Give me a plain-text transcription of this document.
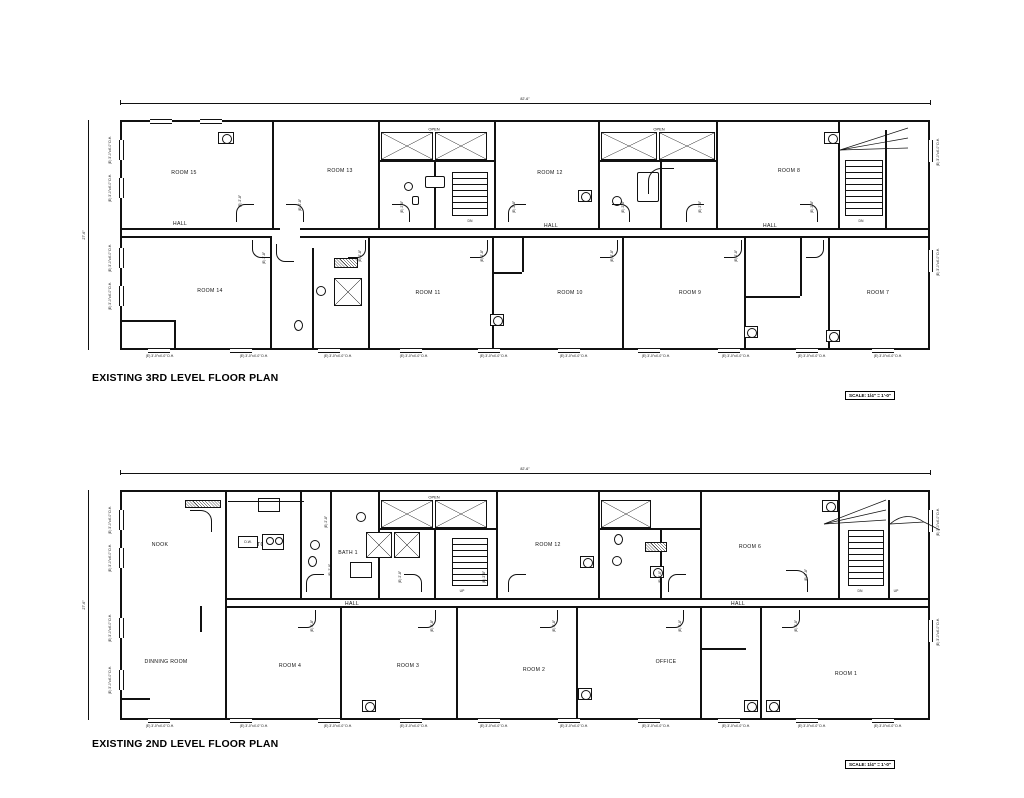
82'-6"
27'-6"
(E) 3'-0"x4'-0" D.H.
(E) 3'-0"x4'-0" D.H.
(E) 3'-0"x4'-0" D.H.
(E) 3'-0"x4'-0" D.H.
(E) 3'-0"x4'-0" D.H.
(E) 3'-0"x4'-0" D.H.
ROOM 15	ROOM 13	ROOM 12	ROOM 8
HALL	HALL	HALL
OPEN	OPEN
DN	DN
ROOM 14	ROOM 11	ROOM 10	ROOM 9	ROOM 7
(E) 2'-8"	(E) 2'-8"	(E) 2'-8"	(E) 2'-8"	(E) 2'-8"	(E) 2'-8"	(E) 2'-8"
(E) 2'-8"	(E) 2'-8"	(E) 2'-8"	(E) 2'-8"	(E) 2'-8"
(E) 3'-0"x4'-0" D.H.	(E) 3'-0"x4'-0" D.H.	(E) 3'-0"x4'-0" D.H.	(E) 3'-0"x4'-0" D.H.	(E) 3'-0"x4'-0" D.H.	(E) 3'-0"x4'-0" D.H.	(E) 3'-0"x4'-0" D.H.	(E) 3'-0"x4'-0" D.H.	(E) 3'-0"x4'-0" D.H.	(E) 3'-0"x4'-0" D.H.
EXISTING 3RD LEVEL FLOOR PLAN
SCALE: 1/4" = 1'-0"
82'-6"
27'-6"
(E) 3'-0"x4'-0" D.H.
(E) 3'-0"x4'-0" D.H.
(E) 3'-0"x4'-0" D.H.
(E) 3'-0"x4'-0" D.H.
(E) 3'-0"x4'-0" D.H.
(E) 3'-0"x4'-0" D.H.
NOOK
BATH 1
ROOM 12	ROOM 6
HALL	HALL
OPEN
D.W.
UP	DN	UP
DINNING ROOM
ROOM 4	ROOM 3
ROOM 2
OFFICE
ROOM 1
(E) 2'-8"
(E) 2'-8"	(E) 2'-8"	(E) 2'-8"	(E) 2'-8"
(E) 2'-8"	(E) 2'-8"	(E) 2'-8"	(E) 2'-8"	(E) 2'-8"
(E) 2'-8"
(E) 3'-0"x4'-0" D.H.	(E) 3'-0"x4'-0" D.H.	(E) 3'-0"x4'-0" D.H.	(E) 3'-0"x4'-0" D.H.	(E) 3'-0"x4'-0" D.H.	(E) 3'-0"x4'-0" D.H.	(E) 3'-0"x4'-0" D.H.	(E) 3'-0"x4'-0" D.H.	(E) 3'-0"x4'-0" D.H.	(E) 3'-0"x4'-0" D.H.
EXISTING 2ND LEVEL FLOOR PLAN
SCALE: 1/4" = 1'-0"
